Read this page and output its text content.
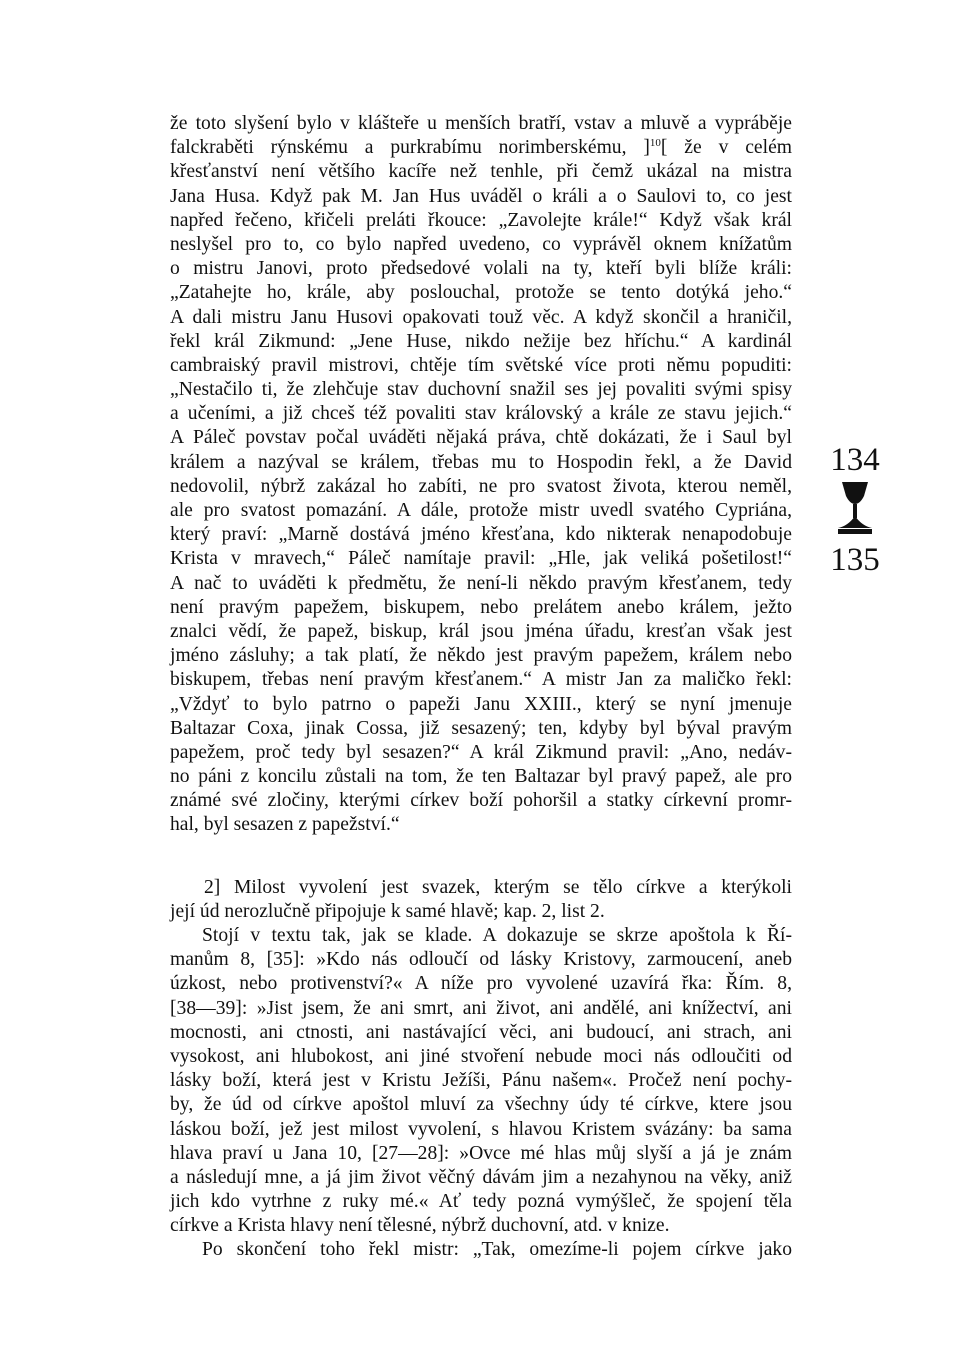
že toto slyšení bylo v klášteře u menších bratří, vstav a mluvě a vypráběje
falckraběti rýnskému a purkrabímu norimberskému, ]$^{10}$[ že v celém
křesťanství není většího kacíře než tenhle, při čemž ukázal na mistra
Jana Husa. Když pak M. Jan Hus uváděl o králi a o Saulovi to, co jest
napřed řečeno, křičeli preláti řkouce: „Zavolejte krále!“ Když však král
neslyšel pro to, co bylo napřed uvedeno, co vyprávěl oknem knížatům
o mistru Janovi, proto předsedové volali na ty, kteří byli blíže králi:
„Zatahejte ho, krále, aby poslouchal, protože se tento dotýká jeho.“
A dali mistru Janu Husovi opakovati touž věc. A když skončil a hraničil,
řekl král Zikmund: „Jene Huse, nikdo nežije bez hříchu.“ A kardinál
cambraiský pravil mistrovi, chtěje tím světské více proti němu popuditi:
„Nestačilo ti, že zlehčuje stav duchovní snažil ses jej povaliti svými spisy
a učeními, a již chceš též povaliti stav královský a krále ze stavu jejich.“
A Páleč povstav počal uváděti nějaká práva, chtě dokázati, že i Saul byl
králem a nazýval se králem, třebas mu to Hospodin řekl, a že David
nedovolil, nýbrž zakázal ho zabíti, ne pro svatost života, kterou neměl,
ale pro svatost pomazání. A dále, protože mistr uvedl svatého Cypriána,
který praví: „Marně dostává jméno křesťana, kdo nikterak nenapodobuje
Krista v mravech,“ Páleč namítaje pravil: „Hle, jak veliká pošetilost!“
A nač to uváděti k předmětu, že není-li někdo pravým křesťanem, tedy
není pravým papežem, biskupem, nebo prelátem anebo králem, ježto
znalci vědí, že papež, biskup, král jsou jména úřadu, kresťan však jest
jméno zásluhy; a tak platí, že někdo jest pravým papežem, králem nebo
biskupem, třebas není pravým křesťanem.“ A mistr Jan za maličko řekl:
„Vždyť to bylo patrno o papeži Janu XXIII., který se nyní jmenuje
Baltazar Coxa, jinak Cossa, již sesazený; ten, kdyby byl býval pravým
papežem, proč tedy byl sesazen?“ A král Zikmund pravil: „Ano, nedáv-
no páni z koncilu zůstali na tom, že ten Baltazar byl pravý papež, ale pro
známé své zločiny, kterými církev boží pohoršil a statky církevní promr-
hal, byl sesazen z papežství.“
2] Milost vyvolení jest svazek, kterým se tělo církve a kterýkoli
její úd nerozlučně připojuje k samé hlavě; kap. 2, list 2.
Stojí v textu tak, jak se klade. A dokazuje se skrze apoštola k Ří-
manům 8, [35]: »Kdo nás odloučí od lásky Kristovy, zarmoucení, aneb
úzkost, nebo protivenství?« A níže pro vyvolené uzavírá řka: Řím. 8,
[38—39]: »Jist jsem, že ani smrt, ani život, ani andělé, ani knížectví, ani
mocnosti, ani ctnosti, ani nastávající věci, ani budoucí, ani strach, ani
vysokost, ani hlubokost, ani jiné stvoření nebude moci nás odloučiti od
lásky boží, která jest v Kristu Ježíši, Pánu našem«. Pročež není pochy-
by, že úd od církve apoštol mluví za všechny údy té církve, ktere jsou
láskou boží, jež jest milost vyvolení, s hlavou Kristem svázány: ba sama
hlava praví u Jana 10, [27—28]: »Ovce mé hlas můj slyší a já je znám
a následují mne, a já jim život věčný dávám jim a nezahynou na věky, aniž
jich kdo vytrhne z ruky mé.« Ať tedy pozná vymýšleč, že spojení těla
církve a Krista hlavy není tělesné, nýbrž duchovní, atd. v knize.
Po skončení toho řekl mistr: „Tak, omezíme-li pojem církve jako
134
135
